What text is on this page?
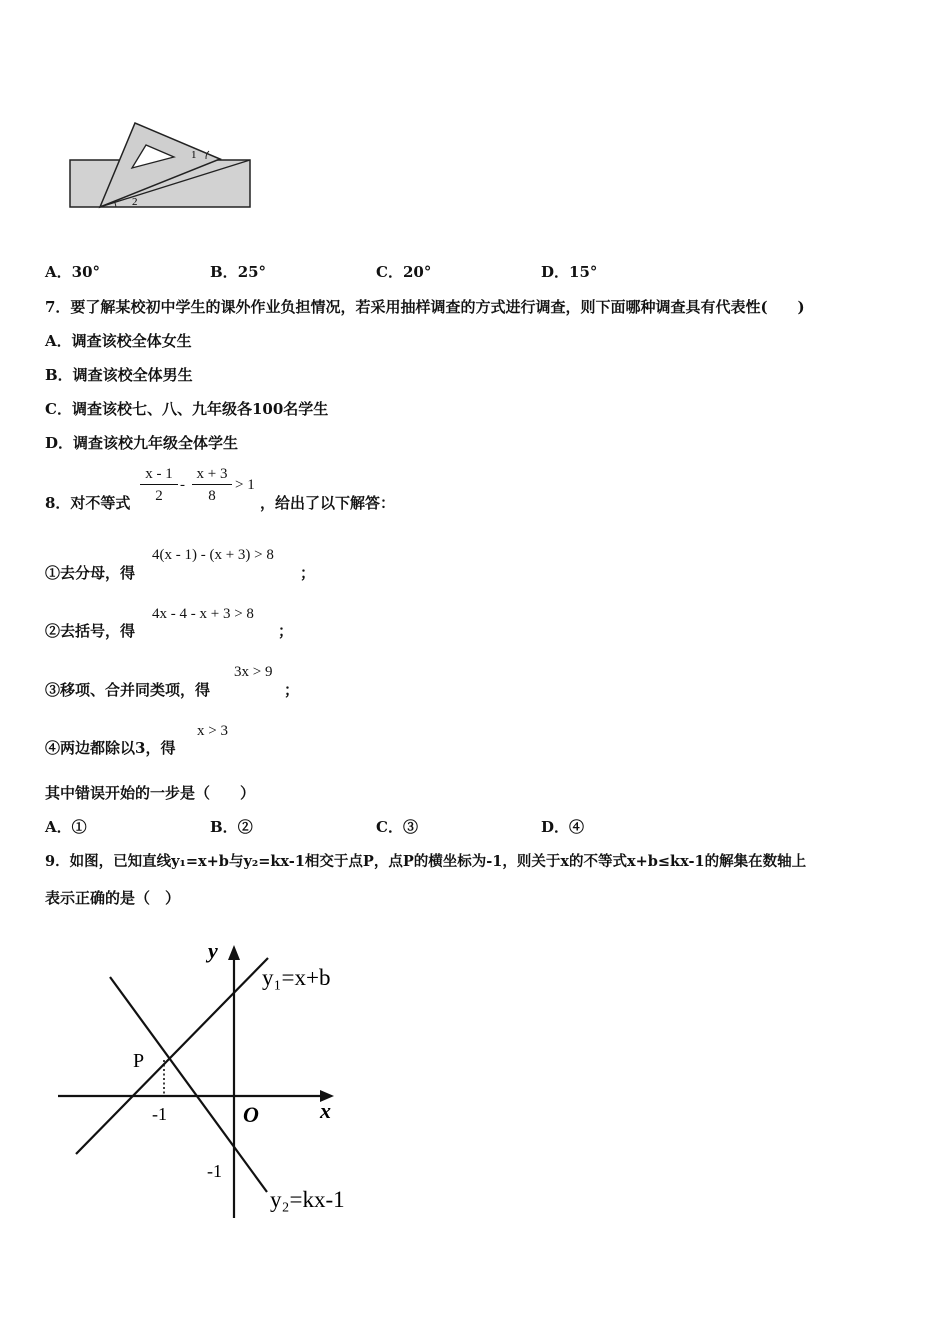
1
2
A．30°	B．25°	C．20°	D．15°
7．要了解某校初中学生的课外作业负担情况，若采用抽样调查的方式进行调查，则下面哪种调查具有代表性(　　)
A．调查该校全体女生
B．调查该校全体男生
C．调查该校七、八、九年级各100名学生
D．调查该校九年级全体学生
8．对不等式 $\frac{x - 1}{2} - \frac{x + 3}{8} > 1$
，给出了以下解答：
①去分母，得
4(x - 1) - (x + 3) > 8
；
②去括号，得
4x - 4 - x + 3 > 8
；
③移项、合并同类项，得
3x > 9
；
④两边都除以3，得
x > 3
其中错误开始的一步是（　　）
A．①	B．②	C．③	D．④
9．如图，已知直线y₁=x+b与y₂=kx-1相交于点P，点P的横坐标为-1，则关于x的不等式x+b≤kx-1的解集在数轴上
表示正确的是（　）
y
x
O
P
-1
-1
y₁=x+b
y₂=kx-1
